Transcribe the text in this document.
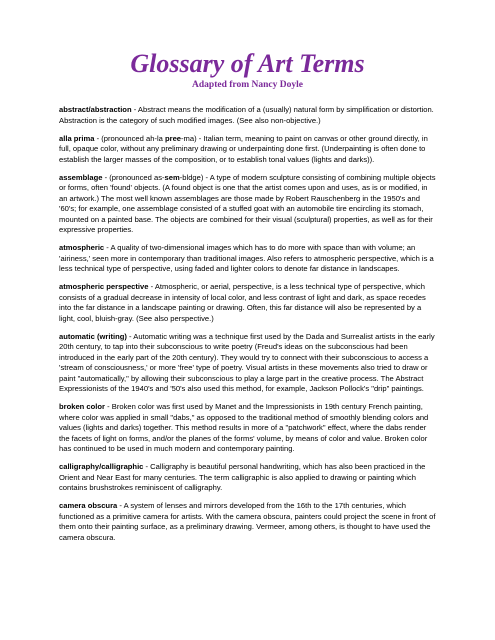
Glossary of Art Terms

Adapted from Nancy Doyle

abstract/abstraction - Abstract means the modification of a (usually) natural form by simplification or distortion. Abstraction is the category of such modified images. (See also non-objective.)

alla prima - (pronounced ah-la pree-ma) - Italian term, meaning to paint on canvas or other ground directly, in full, opaque color, without any preliminary drawing or underpainting done first. (Underpainting is often done to establish the larger masses of the composition, or to establish tonal values (lights and darks)).

assemblage - (pronounced as-sem-bldge) - A type of modern sculpture consisting of combining multiple objects or forms, often 'found' objects. (A found object is one that the artist comes upon and uses, as is or modified, in an artwork.) The most well known assemblages are those made by Robert Rauschenberg in the 1950's and '60's; for example, one assemblage consisted of a stuffed goat with an automobile tire encircling its stomach, mounted on a painted base. The objects are combined for their visual (sculptural) properties, as well as for their expressive properties.

atmospheric - A quality of two-dimensional images which has to do more with space than with volume; an 'airiness,' seen more in contemporary than traditional images. Also refers to atmospheric perspective, which is a less technical type of perspective, using faded and lighter colors to denote far distance in landscapes.

atmospheric perspective - Atmospheric, or aerial, perspective, is a less technical type of perspective, which consists of a gradual decrease in intensity of local color, and less contrast of light and dark, as space recedes into the far distance in a landscape painting or drawing. Often, this far distance will also be represented by a light, cool, bluish-gray. (See also perspective.)

automatic (writing) - Automatic writing was a technique first used by the Dada and Surrealist artists in the early 20th century, to tap into their subconscious to write poetry (Freud's ideas on the subconscious had been introduced in the early part of the 20th century). They would try to connect with their subconscious to access a 'stream of consciousness,' or more 'free' type of poetry. Visual artists in these movements also tried to draw or paint "automatically," by allowing their subconscious to play a large part in the creative process. The Abstract Expressionists of the 1940's and '50's also used this method, for example, Jackson Pollock's "drip" paintings.

broken color - Broken color was first used by Manet and the Impressionists in 19th century French painting, where color was applied in small "dabs," as opposed to the traditional method of smoothly blending colors and values (lights and darks) together. This method results in more of a "patchwork" effect, where the dabs render the facets of light on forms, and/or the planes of the forms' volume, by means of color and value. Broken color has continued to be used in much modern and contemporary painting.

calligraphy/calligraphic - Calligraphy is beautiful personal handwriting, which has also been practiced in the Orient and Near East for many centuries. The term calligraphic is also applied to drawing or painting which contains brushstrokes reminiscent of calligraphy.

camera obscura - A system of lenses and mirrors developed from the 16th to the 17th centuries, which functioned as a primitive camera for artists. With the camera obscura, painters could project the scene in front of them onto their painting surface, as a preliminary drawing. Vermeer, among others, is thought to have used the camera obscura.
